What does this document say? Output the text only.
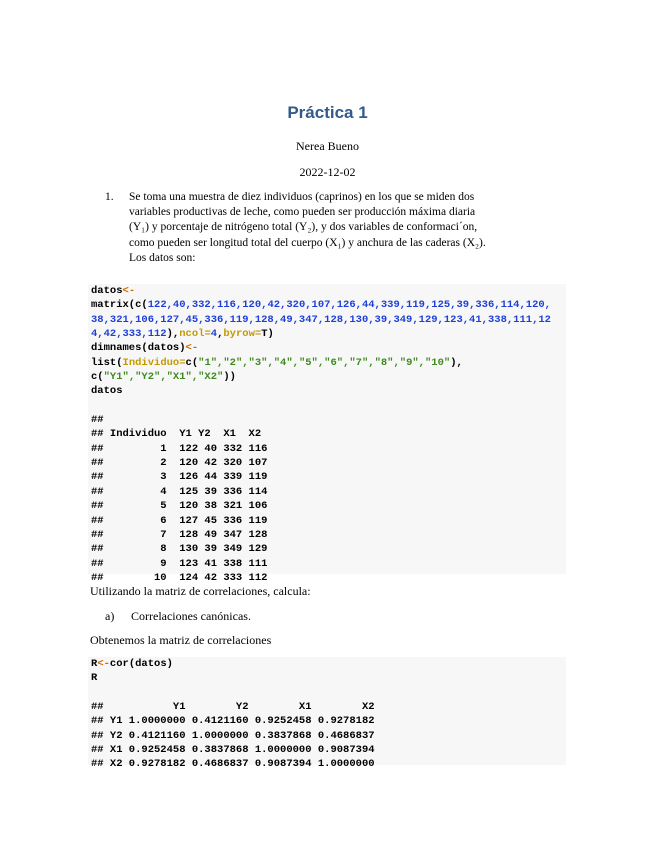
Práctica 1
Nerea Bueno
2022-12-02
1. Se toma una muestra de diez individuos (caprinos) en los que se miden dos
variables productivas de leche, como pueden ser producción máxima diaria
(Y₁) y porcentaje de nitrógeno total (Y₂), y dos variables de conformaci´on,
como pueden ser longitud total del cuerpo (X₁) y anchura de las caderas (X₂).
Los datos son:
datos<-
matrix(c(122,40,332,116,120,42,320,107,126,44,339,119,125,39,336,114,120,
38,321,106,127,45,336,119,128,49,347,128,130,39,349,129,123,41,338,111,12
4,42,333,112),ncol=4,byrow=T)
dimnames(datos)<-
list(Individuo=c("1","2","3","4","5","6","7","8","9","10"),
c("Y1","Y2","X1","X2"))
datos

##
## Individuo  Y1 Y2  X1  X2
##         1  122 40 332 116
##         2  120 42 320 107
##         3  126 44 339 119
##         4  125 39 336 114
##         5  120 38 321 106
##         6  127 45 336 119
##         7  128 49 347 128
##         8  130 39 349 129
##         9  123 41 338 111
##        10  124 42 333 112
Utilizando la matriz de correlaciones, calcula:
a) Correlaciones canónicas.
Obtenemos la matriz de correlaciones
R<-cor(datos)
R

##           Y1        Y2        X1        X2
## Y1 1.0000000 0.4121160 0.9252458 0.9278182
## Y2 0.4121160 1.0000000 0.3837868 0.4686837
## X1 0.9252458 0.3837868 1.0000000 0.9087394
## X2 0.9278182 0.4686837 0.9087394 1.0000000
